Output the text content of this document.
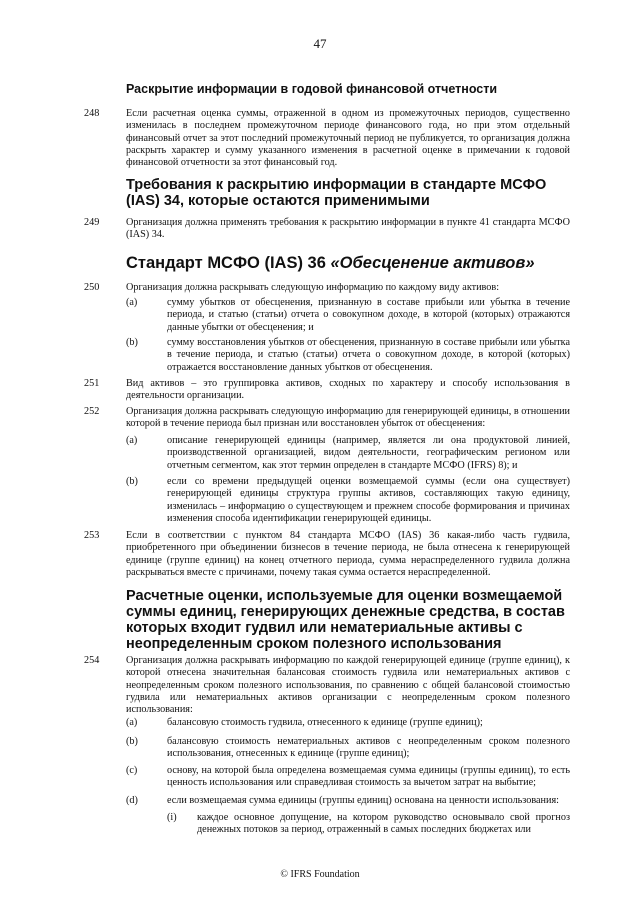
47
Раскрытие информации в годовой финансовой отчетности
248	Если расчетная оценка суммы, отраженной в одном из промежуточных периодов, существенно изменилась в последнем промежуточном периоде финансового года, но при этом отдельный финансовый отчет за этот последний промежуточный период не публикуется, то организация должна раскрыть характер и сумму указанного изменения в расчетной оценке в примечании к годовой финансовой отчетности за этот финансовый год.
Требования к раскрытию информации в стандарте МСФО (IAS) 34, которые остаются применимыми
249	Организация должна применять требования к раскрытию информации в пункте 41 стандарта МСФО (IAS) 34.
Стандарт МСФО (IAS) 36 «Обесценение активов»
250	Организация должна раскрывать следующую информацию по каждому виду активов:
(a)	сумму убытков от обесценения, признанную в составе прибыли или убытка в течение периода, и статью (статьи) отчета о совокупном доходе, в которой (которых) отражаются данные убытки от обесценения; и
(b)	сумму восстановления убытков от обесценения, признанную в составе прибыли или убытка в течение периода, и статью (статьи) отчета о совокупном доходе, в которой (которых) отражается восстановление данных убытков от обесценения.
251	Вид активов – это группировка активов, сходных по характеру и способу использования в деятельности организации.
252	Организация должна раскрывать следующую информацию для генерирующей единицы, в отношении которой в течение периода был признан или восстановлен убыток от обесценения:
(a)	описание генерирующей единицы (например, является ли она продуктовой линией, производственной организацией, видом деятельности, географическим регионом или отчетным сегментом, как этот термин определен в стандарте МСФО (IFRS) 8); и
(b)	если со времени предыдущей оценки возмещаемой суммы (если она существует) генерирующей единицы структура группы активов, составляющих такую единицу, изменилась – информацию о существующем и прежнем способе формирования и причинах изменения способа идентификации генерирующей единицы.
253	Если в соответствии с пунктом 84 стандарта МСФО (IAS) 36 какая-либо часть гудвила, приобретенного при объединении бизнесов в течение периода, не была отнесена к генерирующей единице (группе единиц) на конец отчетного периода, сумма нераспределенного гудвила должна раскрываться вместе с причинами, почему такая сумма остается нераспределенной.
Расчетные оценки, используемые для оценки возмещаемой суммы единиц, генерирующих денежные средства, в состав которых входит гудвил или нематериальные активы с неопределенным сроком полезного использования
254	Организация должна раскрывать информацию по каждой генерирующей единице (группе единиц), к которой отнесена значительная балансовая стоимость гудвила или нематериальных активов с неопределенным сроком полезного использования, по сравнению с общей балансовой стоимостью гудвила или нематериальных активов организации с неопределенным сроком полезного использования:
(a)	балансовую стоимость гудвила, отнесенного к единице (группе единиц);
(b)	балансовую стоимость нематериальных активов с неопределенным сроком полезного использования, отнесенных к единице (группе единиц);
(c)	основу, на которой была определена возмещаемая сумма единицы (группы единиц), то есть ценность использования или справедливая стоимость за вычетом затрат на выбытие;
(d)	если возмещаемая сумма единицы (группы единиц) основана на ценности использования:
(i) каждое основное допущение, на котором руководство основывало свой прогноз денежных потоков за период, отраженный в самых последних бюджетах или
© IFRS Foundation
